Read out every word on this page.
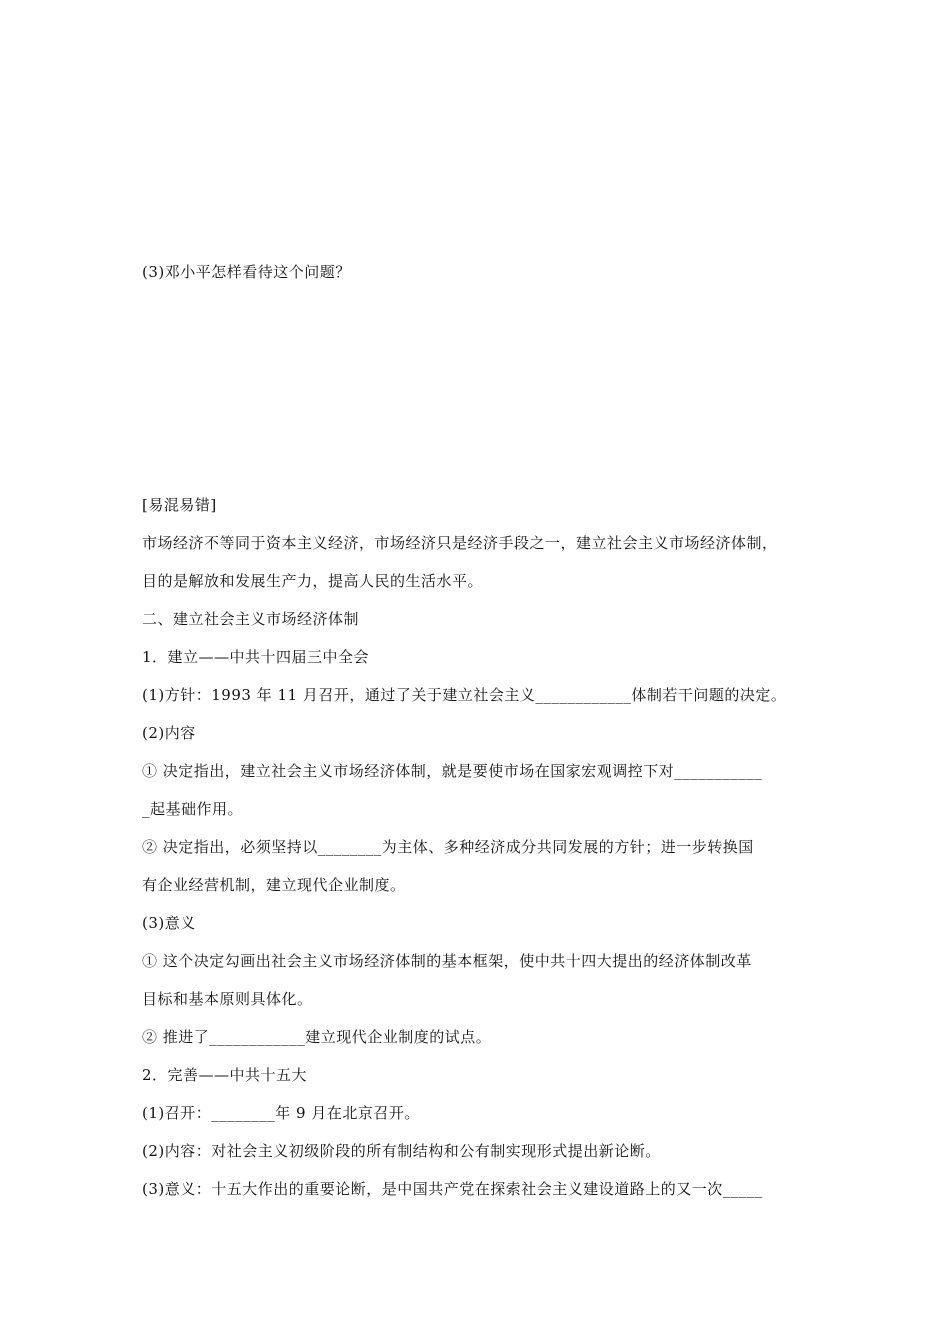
(3)邓小平怎样看待这个问题？
[易混易错]
市场经济不等同于资本主义经济，市场经济只是经济手段之一，建立社会主义市场经济体制，
目的是解放和发展生产力，提高人民的生活水平。
二、建立社会主义市场经济体制
1．建立——中共十四届三中全会
(1)方针：1993 年 11 月召开，通过了关于建立社会主义____________体制若干问题的决定。
(2)内容
① 决定指出，建立社会主义市场经济体制，就是要使市场在国家宏观调控下对___________
_起基础作用。
② 决定指出，必须坚持以________为主体、多种经济成分共同发展的方针；进一步转换国
有企业经营机制，建立现代企业制度。
(3)意义
① 这个决定勾画出社会主义市场经济体制的基本框架，使中共十四大提出的经济体制改革
目标和基本原则具体化。
② 推进了____________建立现代企业制度的试点。
2．完善——中共十五大
(1)召开：________年 9 月在北京召开。
(2)内容：对社会主义初级阶段的所有制结构和公有制实现形式提出新论断。
(3)意义：十五大作出的重要论断，是中国共产党在探索社会主义建设道路上的又一次_____
